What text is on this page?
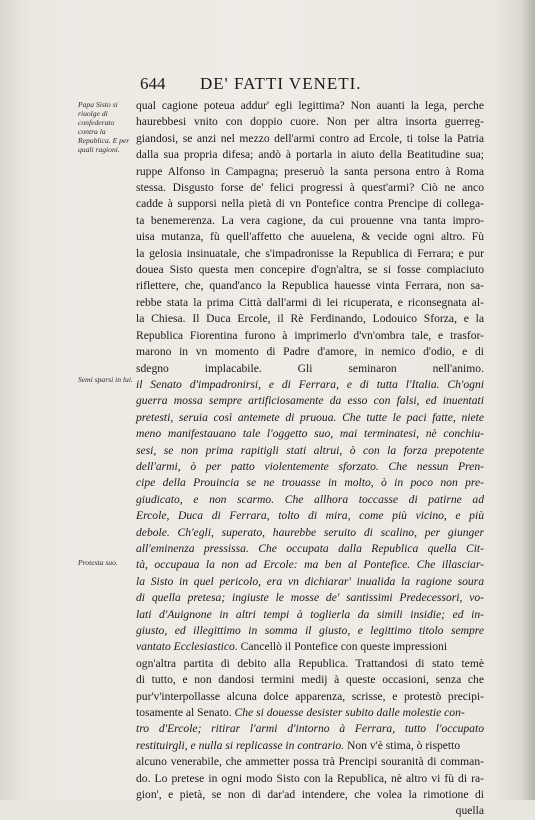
644 DE' FATTI VENETI.
Papa Sisto si riuolge di confederato contra la Republica. E per quali ragioni.
Semi sparsi in lui.
Protesta suo.
qual cagione poteua addur' egli legittima? Non auanti la lega, perche
haurebbesi vnito con doppio cuore. Non per altra insorta guerreg-
giandosi, se anzi nel mezzo dell'armi contro ad Ercole, ti tolse la Patria
dalla sua propria difesa; andò à portarla in aiuto della Beatitudine sua;
ruppe Alfonso in Campagna; preseruò la santa persona entro à Roma
stessa. Disgusto forse de' felici progressi à quest'armi? Ciò ne anco
cadde à supporsi nella pietà di vn Pontefice contra Prencipe di collega-
ta benemerenza. La vera cagione, da cui prouenne vna tanta impro-
uisa mutanza, fù quell'affetto che auuelena, & vecide ogni altro. Fù
la gelosia insinuatale, che s'impadronisse la Republica di Ferrara; e pur
douea Sisto questa men concepire d'ogn'altra, se si fosse compiaciuto
riflettere, che, quand'anco la Republica hauesse vinta Ferrara, non sa-
rebbe stata la prima Città dall'armi di lei ricuperata, e riconsegnata al-
la Chiesa. Il Duca Ercole, il Rè Ferdinando, Lodouico Sforza, e la
Republica Fiorentina furono à imprimerlo d'vn'ombra tale, e trasfor-
marono in vn momento di Padre d'amore, in nemico d'odio, e di
sdegno implacabile. Gli seminaron nell'animo.
il Senato d'impadronirsi, e di Ferrara, e di tutta l'Italia. Ch'ogni
guerra mossa sempre artificiosamente da esso con falsi, ed inuentati
pretesti, seruia così antemete di pruoua. Che tutte le paci fatte, niete
meno manifestauano tale l'oggetto suo, mai terminatesi, nè conchiu-
sesi, se non prima rapitigli stati altrui, ò con la forza prepotente
dell'armi, ò per patto violentemente sforzato. Che nessun Pren-
cipe della Prouincia se ne trouasse in molto, ò in poco non pre-
giudicato, e non scarmo. Che allhora toccasse di patirne ad
Ercole, Duca di Ferrara, tolto di mira, come più vicino, e più
debole. Ch'egli, superato, haurebbe seruito di scalino, per giunger
all'eminenza pressissa. Che occupata dalla Republica quella Cit-
tà, occupaua la non ad Ercole: ma ben al Pontefice. Che illasciar-
la Sisto in quel pericolo, era vn dichiarar' inualida la ragione soura
di quella pretesa; ingiuste le mosse de' santissimi Predecessori, vo-
lati d'Auignone in altri tempi à toglierla da simili insidie; ed in-
giusto, ed illegittimo in somma il giusto, e legittimo titolo sempre
vantato Ecclesiastico. Cancellò il Pontefice con queste impressioni
ogn'altra partita di debito alla Republica. Trattandosi di stato temè
di tutto, e non dandosi termini medij à queste occasioni, senza che
pur'v'interpollasse alcuna dolce apparenza, scrisse, e protestò precipi-
tosamente al Senato. Che si douesse desister subito dalle molestie con-
tro d'Ercole; ritirar l'armi d'intorno à Ferrara, tutto l'occupato
restituirgli, e nulla si replicasse in contrario. Non v'è stima, ò rispetto
alcuno venerabile, che ammetter possa trà Prencipi souranità di comman-
do. Lo pretese in ogni modo Sisto con la Republica, nè altro vi fù di ra-
gion', e pietà, se non di dar'ad intendere, che volea la rimotione di
quella
